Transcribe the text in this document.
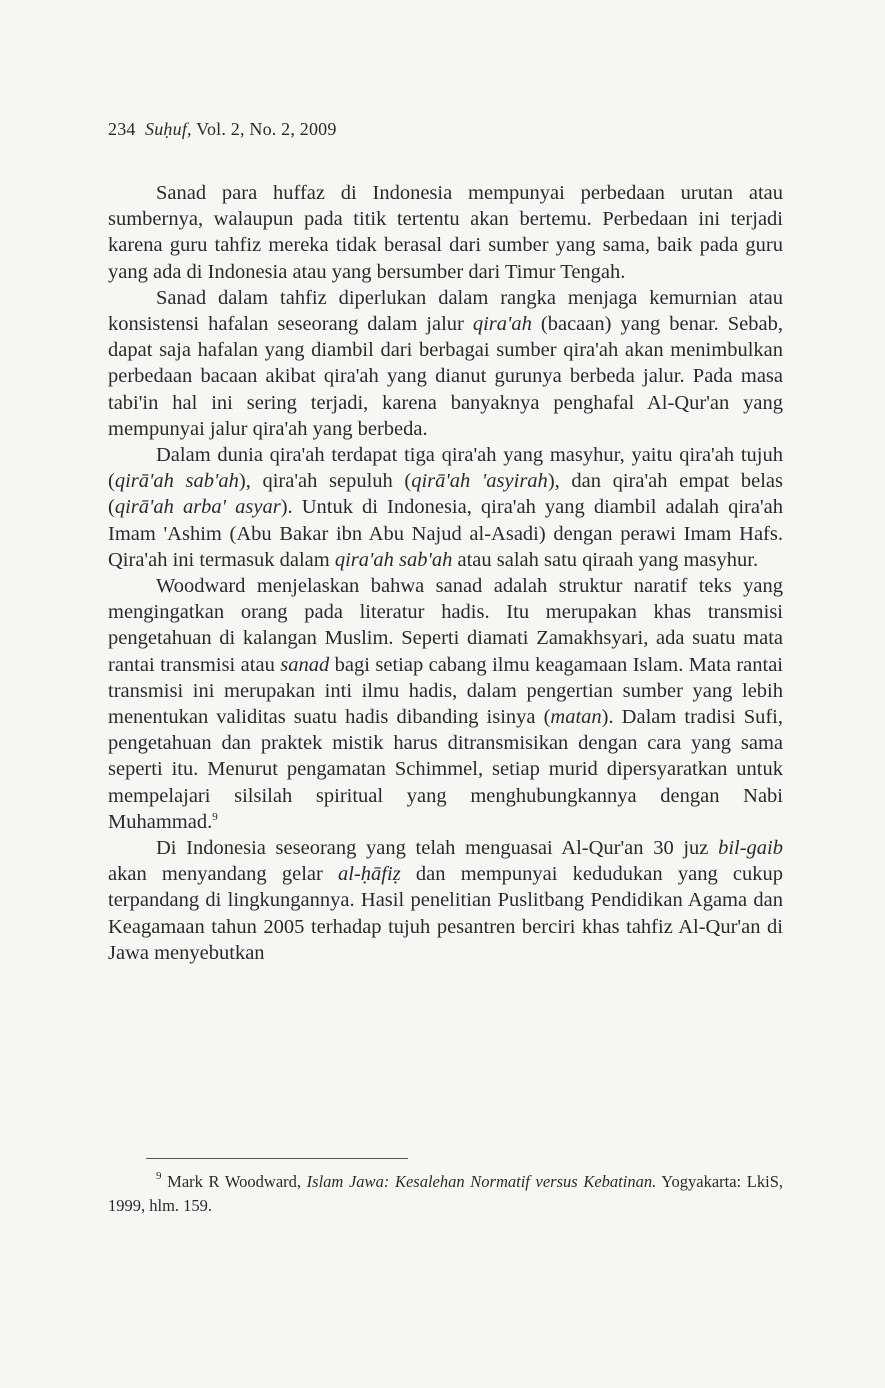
234 Suḥuf, Vol. 2, No. 2, 2009

Sanad para huffaz di Indonesia mempunyai perbedaan urutan atau sumbernya, walaupun pada titik tertentu akan bertemu. Perbedaan ini terjadi karena guru tahfiz mereka tidak berasal dari sumber yang sama, baik pada guru yang ada di Indonesia atau yang bersumber dari Timur Tengah.

Sanad dalam tahfiz diperlukan dalam rangka menjaga kemurnian atau konsistensi hafalan seseorang dalam jalur qira'ah (bacaan) yang benar. Sebab, dapat saja hafalan yang diambil dari berbagai sumber qira'ah akan menimbulkan perbedaan bacaan akibat qira'ah yang dianut gurunya berbeda jalur. Pada masa tabi'in hal ini sering terjadi, karena banyaknya penghafal Al-Qur'an yang mempunyai jalur qira'ah yang berbeda.

Dalam dunia qira'ah terdapat tiga qira'ah yang masyhur, yaitu qira'ah tujuh (qirā'ah sab'ah), qira'ah sepuluh (qirā'ah 'asyirah), dan qira'ah empat belas (qirā'ah arba' asyar). Untuk di Indonesia, qira'ah yang diambil adalah qira'ah Imam 'Ashim (Abu Bakar ibn Abu Najud al-Asadi) dengan perawi Imam Hafs. Qira'ah ini termasuk dalam qira'ah sab'ah atau salah satu qiraah yang masyhur.

Woodward menjelaskan bahwa sanad adalah struktur naratif teks yang mengingatkan orang pada literatur hadis. Itu merupakan khas transmisi pengetahuan di kalangan Muslim. Seperti diamati Zamakhsyari, ada suatu mata rantai transmisi atau sanad bagi setiap cabang ilmu keagamaan Islam. Mata rantai transmisi ini merupakan inti ilmu hadis, dalam pengertian sumber yang lebih menentukan validitas suatu hadis dibanding isinya (matan). Dalam tradisi Sufi, pengetahuan dan praktek mistik harus ditransmisikan dengan cara yang sama seperti itu. Menurut pengamatan Schimmel, setiap murid dipersyaratkan untuk mempelajari silsilah spiritual yang menghubungkannya dengan Nabi Muhammad.$^9$

Di Indonesia seseorang yang telah menguasai Al-Qur'an 30 juz bil-gaib akan menyandang gelar al-ḥāfiẓ dan mempunyai kedudukan yang cukup terpandang di lingkungannya. Hasil penelitian Puslitbang Pendidikan Agama dan Keagamaan tahun 2005 terhadap tujuh pesantren berciri khas tahfiz Al-Qur'an di Jawa menyebutkan

$^9$ Mark R Woodward, Islam Jawa: Kesalehan Normatif versus Kebatinan. Yogyakarta: LkiS, 1999, hlm. 159.
